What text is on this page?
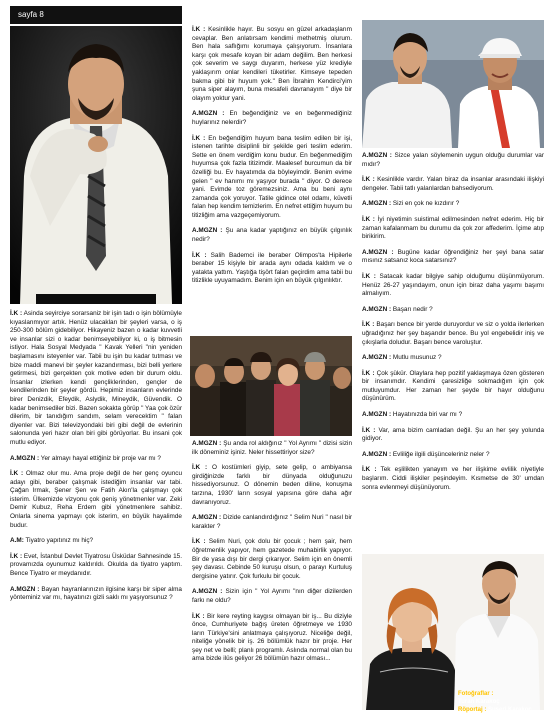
sayfa 8
Fotoğraflar :
Turan Karakoç
Röportaj : Suseri Karakoç

İ.K : Asinda seyirciye sorarsaniz bir işin tadı o işin bölümüyle kıyaslanmıyor artık. Henüz ulacakları bir şeyleri varsa, o iş 250-300 bölüm gidebiliyor. Hikayeniz bazen o kadar kuvvetli ve insanlar sizi o kadar benimseyebiliyor ki, o iş bitmesin istiyor. Hala Sosyal Medyada " Kavak Yelleri "nin yeniden başlamasını isteyenler var. Tabii bu işin bu kadar tutması ve bize maddi manevi bir şeyler kazandırması, bizi belli yerlere getirmesi, bizi gerçekten çok motive eden bir durum oldu. İnsanlar izlerken kendi gençliklerinden, gençler de kendilerinden bir şeyler gördü. Hepimiz insanların evlerinde birer Denizdik, Efeydik, Aslydik, Mineydik, Güvendik. O kadar benimsediler bizi. Bazen sokakta görüp " Yaa çok özür dilerim, bir tanıdığım sandım, selam verecektim " falan diyenler var. Bizi televizyondaki biri gibi değil de evlerinin salonunda yeri hazır olan biri gibi görüyorlar. Bu insani çok mutlu ediyor.

A.MGZN : Yer almayı hayal ettiğiniz bir proje var mı ?

İ.K : Olmaz olur mu. Ama proje değil de her genç oyuncu adayı gibi, beraber çalışmak istediğim insanlar var tabi. Çağan Irmak, Şener Şen ve Fatih Akın'la çalışmayı çok isterim. Ülkemizde vizyonu çok geniş yönetmenler var. Zeki Demir Kubuz, Reha Erdem gibi yönetmenlere sahibiz. Onlarla sinema yapmayı çok isterim, en büyük hayalimde budur.

A.M: Tiyatro yapıtınız mı hiç?

İ.K : Evet, İstanbul Devlet Tiyatrosu Üsküdar Sahnesinde 15. provamızda oyunumuz kaldırıldı. Okulda da tiyatro yaptım. Bence Tiyatro er meydanıdır.

A.MGZN : Bayan hayranlarınızın ilgisine karşı bir siper alma yönteminiz var mı, hayatınızı gizli saklı mı yaşıyorsunuz ?

İ.K : Kesinlikle hayır. Bu sosyu en güzel arkadaşlarım cevaplar. Ben anlatırsam kendimi methetmiş olurum. Ben hala saflığımı korumaya çalışıyorum. İnsanlara karşı çok mesafe koyan bir adam değilim. Ben herkesi çok severim ve saygı duyarım, herkese yüz krediyle yaklaşırım onlar kendileri tüketirler. Kimseye tepeden bakma gibi bir huyum yok." Ben İbrahim Kendirci'yim şuna siper alayım, buna mesafeli davranayım " diye bir olayım yoktur yani.

A.MGZN : En beğendiğiniz ve en beğenmediğiniz huylarınız nelerdir?

İ.K : En beğendiğim huyum bana teslim edilen bir işi, istenen tarihte disiplinli bir şekilde geri teslim ederim. Sette en önem verdiğim konu budur. En beğenmediğim huyumsa çok fazla titizimdir. Maalesef burcumun da bir özelliği bu. Ev hayatımda da böyleyimdir. Benim evime gelen " ev hanımı mı yaşıyor burada " diyor. O derece yani. Evimde toz göremezsiniz. Ama bu beni aynı zamanda çok yoruyor. Tatile gidince otel odamı, küvetli falan hep kendim temizlerim. En nefret ettiğim huyum bu titizliğim ama vazgeçemiyorum.

A.MGZN : Şu ana kadar yaptığınız en büyük çılgınlık nedir?

İ.K : Salih Bademci ile beraber Olimpos'ta Hipilerle beraber 15 kişiyle bir arada aynı odada kaldım ve o yatakta yattım. Yaştığa tişört falan geçirdim ama tabii bu titizlikle uyuyamadım. Benim için en büyük çılgınlıktır.

A.MGZN : Şu anda rol aldığınız " Yol Ayrımı " dizisi sizin ilk döneminiz işiniz. Neler hissettiriyor size?

İ.K : O kostümleri giyip, sete gelip, o ambiyansa girdiğinizde farklı bir dünyada olduğunuzu hissediyorsunuz. O dönemin beden diline, konuşma tarzına, 1930' ların sosyal yapısına göre daha ağır davranıyoruz.

A.MGZN : Dizide canlandırdığınız " Selim Nuri " nasıl bir karakter ?

İ.K : Selim Nuri, çok dolu bir çocuk ; hem şair, hem öğretmenlik yapıyor, hem gazetede muhabirlik yapıyor. Bir de yasa dışı bir dergi çıkarıyor. Selim için en önemli şey davası. Cebinde 50 kuruşu olsun, o parayı Kurtuluş dergisine yatırır. Çok furkulu bir çocuk.

A.MGZN : Sizin için " Yol Ayrımı "nın diğer dizilerden farkı ne oldu?

İ.K : Bir kere reyting kaygısı olmayan bir iş... Bu diziyle önce, Cumhuriyete bağış üreten öğretmeye ve 1930 ların Türkiye'sini anlatmaya çalışıyoruz. Niceliğe değil, niteliğe yönelik bir iş. 26 bölümlük hazır bir proje. Her şey net ve belli; planlı programlı. Aslında normal olan bu ama bizde ilüs geliyor 26 bölümün hazır olması...

A.MGZN : Sizce yalan söylemenin uygun olduğu durumlar var mıdır?

İ.K : Kesinlikle vardır. Yalan biraz da insanlar arasındaki ilişkiyi dengeler. Tabii tatlı yalanlardan bahsediyorum.

A.MGZN : Sizi en çok ne kızdırır ?

İ.K : İyi niyetimin suistimal edilmesinden nefret ederim. Hiç bir zaman kafalanmam bu durumu da çok zor affederim. İçime atıp birikirim.

A.MGZN : Bugüne kadar öğrendiğiniz her şeyi bana satar mısınız satsanız koca satarsınız?

İ.K : Satacak kadar bilgiye sahip olduğumu düşünmüyorum. Henüz 26-27 yaşındayım, onun için biraz daha yaşımı başımı almalıyım.

A.MGZN : Başarı nedir ?

İ.K : Başarı bence bir yerde duruyordur ve siz o yolda ilerlerken uğradığınız her şey başarıdır bence. Bu yol engebelidir iniş ve çıkışlarla doludur. Başarı bence varoluştur.

A.MGZN : Mutlu musunuz ?

İ.K : Çok şükür. Olaylara hep pozitif yaklaşmaya özen gösteren bir insanımdır. Kendimi çaresizliğe sokmadığım için çok mutluyumdur. Her zaman her şeyde bir hayır olduğunu düşünürüm.

A.MGZN : Hayatınızda biri var mı ?

İ.K : Var, ama bizim camladan değil. Şu an her şey yolunda gidiyor.

A.MGZN : Evliliğe ilgili düşünceleriniz neler ?

İ.K : Tek eşlilikten yanayım ve her ilişkime evlilik niyetiyle başlarım. Ciddi ilişkiler peşindeyim. Kısmetse de 30' umdan sonra evlenmeyi düşünüyorum.
